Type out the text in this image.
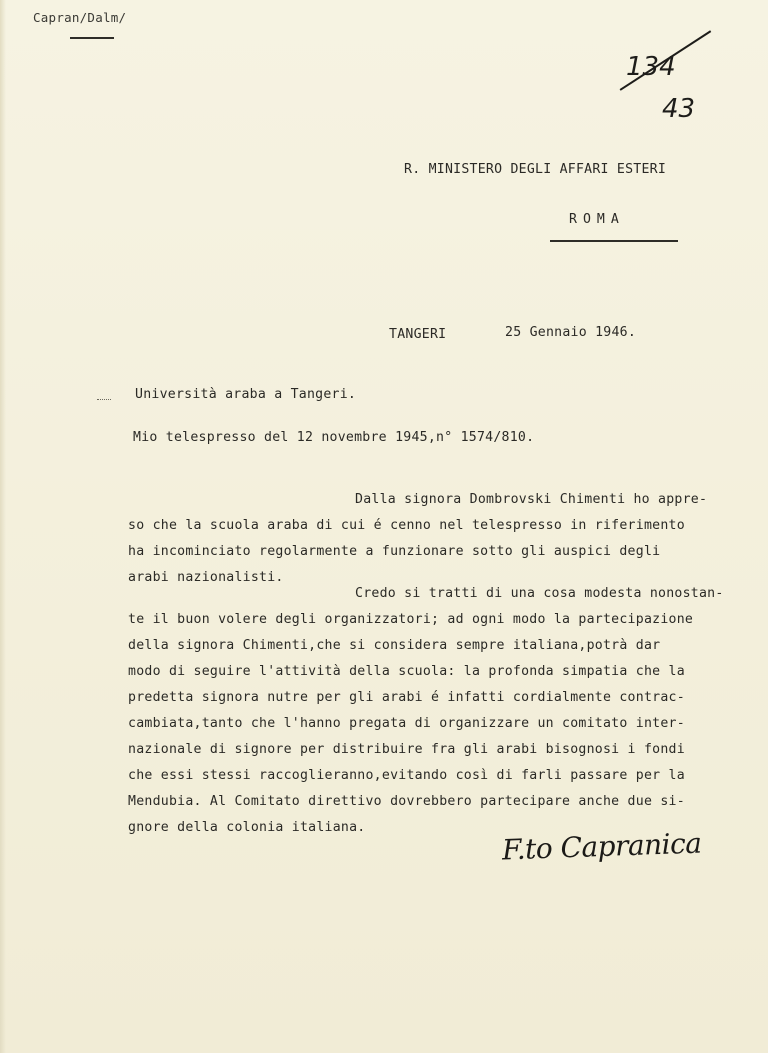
Capran/Dalm/
134
43
R. MINISTERO DEGLI AFFARI ESTERI
ROMA
TANGERI	25 Gennaio 1946.
Università araba a Tangeri.
Mio telespresso del 12 novembre 1945,n° 1574/810.
Dalla signora Dombrovski Chimenti ho appre-
so che la scuola araba di cui é cenno nel telespresso in riferimento
ha incominciato regolarmente a funzionare sotto gli auspici degli
arabi nazionalisti.
Credo si tratti di una cosa modesta nonostan-
te il buon volere degli organizzatori; ad ogni modo la partecipazione
della signora Chimenti,che si considera sempre italiana,potrà dar
modo di seguire l'attività della scuola: la profonda simpatia che la
predetta signora nutre per gli arabi é infatti cordialmente contrac-
cambiata,tanto che l'hanno pregata di organizzare un comitato inter-
nazionale di signore per distribuire fra gli arabi bisognosi i fondi
che essi stessi raccoglieranno,evitando così di farli passare per la
Mendubia. Al Comitato direttivo dovrebbero partecipare anche due si-
gnore della colonia italiana.	F.to Capranica
